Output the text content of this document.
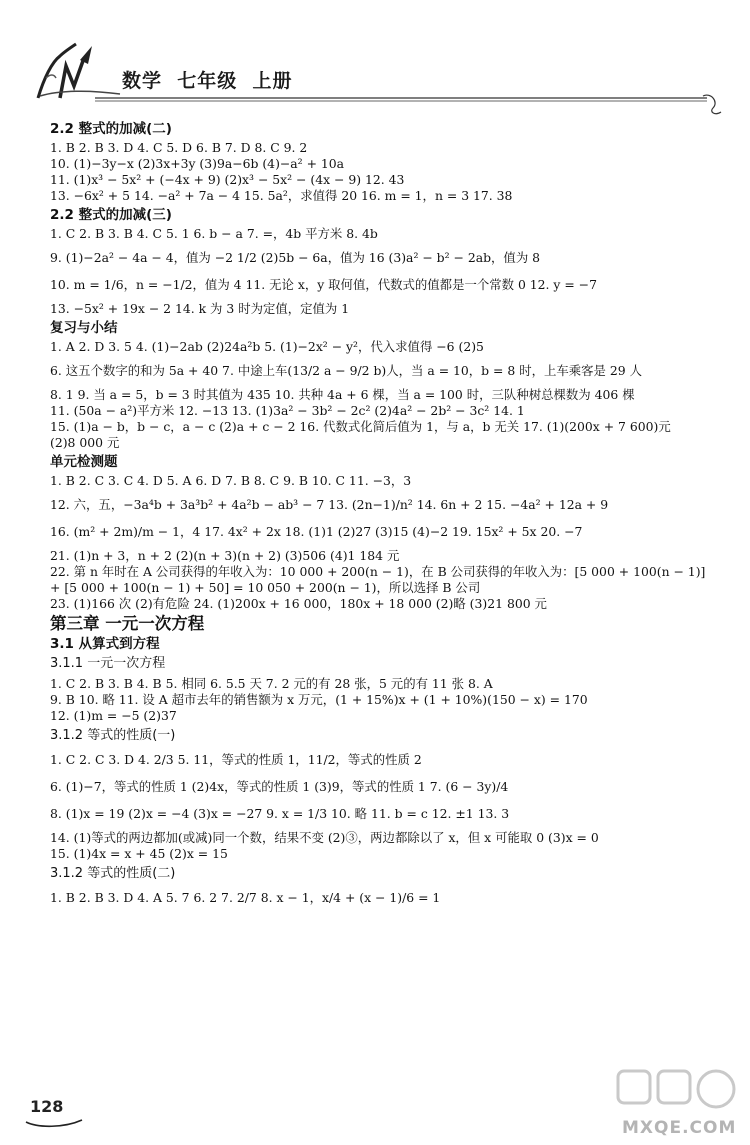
数学  七年级  上册
2.2 整式的加减(二)
1. B 2. B 3. D 4. C 5. D 6. B 7. D 8. C 9. 2
10. (1)−3y−x (2)3x+3y (3)9a−6b (4)−a² + 10a
11. (1)x³ − 5x² + (−4x + 9) (2)x³ − 5x² − (4x − 9) 12. 43
13. −6x² + 5 14. −a² + 7a − 4 15. 5a²，求值得 20 16. m = 1，n = 3 17. 38
2.2 整式的加减(三)
1. C 2. B 3. B 4. C 5. 1 6. b − a 7. =，4b 平方米 8. 4b
9. (1)−2a² − 4a − 4，值为 −2 1/2 (2)5b − 6a，值为 16 (3)a² − b² − 2ab，值为 8
10. m = 1/6，n = −1/2，值为 4 11. 无论 x，y 取何值，代数式的值都是一个常数 0 12. y = −7
13. −5x² + 19x − 2 14. k 为 3 时为定值，定值为 1
复习与小结
1. A 2. D 3. 5 4. (1)−2ab (2)24a²b 5. (1)−2x² − y²，代入求值得 −6 (2)5
6. 这五个数字的和为 5a + 40 7. 中途上车(13/2 a − 9/2 b)人，当 a = 10，b = 8 时，上车乘客是 29 人
8. 1 9. 当 a = 5，b = 3 时其值为 435 10. 共种 4a + 6 棵，当 a = 100 时，三队种树总棵数为 406 棵
11. (50a − a²)平方米 12. −13 13. (1)3a² − 3b² − 2c² (2)4a² − 2b² − 3c² 14. 1
15. (1)a − b，b − c，a − c (2)a + c − 2 16. 代数式化简后值为 1，与 a，b 无关 17. (1)(200x + 7 600)元
(2)8 000 元
单元检测题
1. B 2. C 3. C 4. D 5. A 6. D 7. B 8. C 9. B 10. C 11. −3，3
12. 六，五，−3a⁴b + 3a³b² + 4a²b − ab³ − 7 13. (2n−1)/n² 14. 6n + 2 15. −4a² + 12a + 9
16. (m² + 2m)/m − 1，4 17. 4x² + 2x 18. (1)1 (2)27 (3)15 (4)−2 19. 15x² + 5x 20. −7
21. (1)n + 3，n + 2 (2)(n + 3)(n + 2) (3)506 (4)1 184 元
22. 第 n 年时在 A 公司获得的年收入为：10 000 + 200(n − 1)，在 B 公司获得的年收入为：[5 000 + 100(n − 1)]
+ [5 000 + 100(n − 1) + 50] = 10 050 + 200(n − 1)，所以选择 B 公司
23. (1)166 次 (2)有危险 24. (1)200x + 16 000，180x + 18 000 (2)略 (3)21 800 元
第三章 一元一次方程
3.1 从算式到方程
3.1.1 一元一次方程
1. C 2. B 3. B 4. B 5. 相同 6. 5.5 天 7. 2 元的有 28 张，5 元的有 11 张 8. A
9. B 10. 略 11. 设 A 超市去年的销售额为 x 万元，(1 + 15%)x + (1 + 10%)(150 − x) = 170
12. (1)m = −5 (2)37
3.1.2 等式的性质(一)
1. C 2. C 3. D 4. 2/3 5. 11，等式的性质 1，11/2，等式的性质 2
6. (1)−7，等式的性质 1 (2)4x，等式的性质 1 (3)9，等式的性质 1 7. (6 − 3y)/4
8. (1)x = 19 (2)x = −4 (3)x = −27 9. x = 1/3 10. 略 11. b = c 12. ±1 13. 3
14. (1)等式的两边都加(或减)同一个数，结果不变 (2)③，两边都除以了 x，但 x 可能取 0 (3)x = 0
15. (1)4x = x + 45 (2)x = 15
3.1.2 等式的性质(二)
1. B 2. B 3. D 4. A 5. 7 6. 2 7. 2/7 8. x − 1，x/4 + (x − 1)/6 = 1
128
MXQE.COM
